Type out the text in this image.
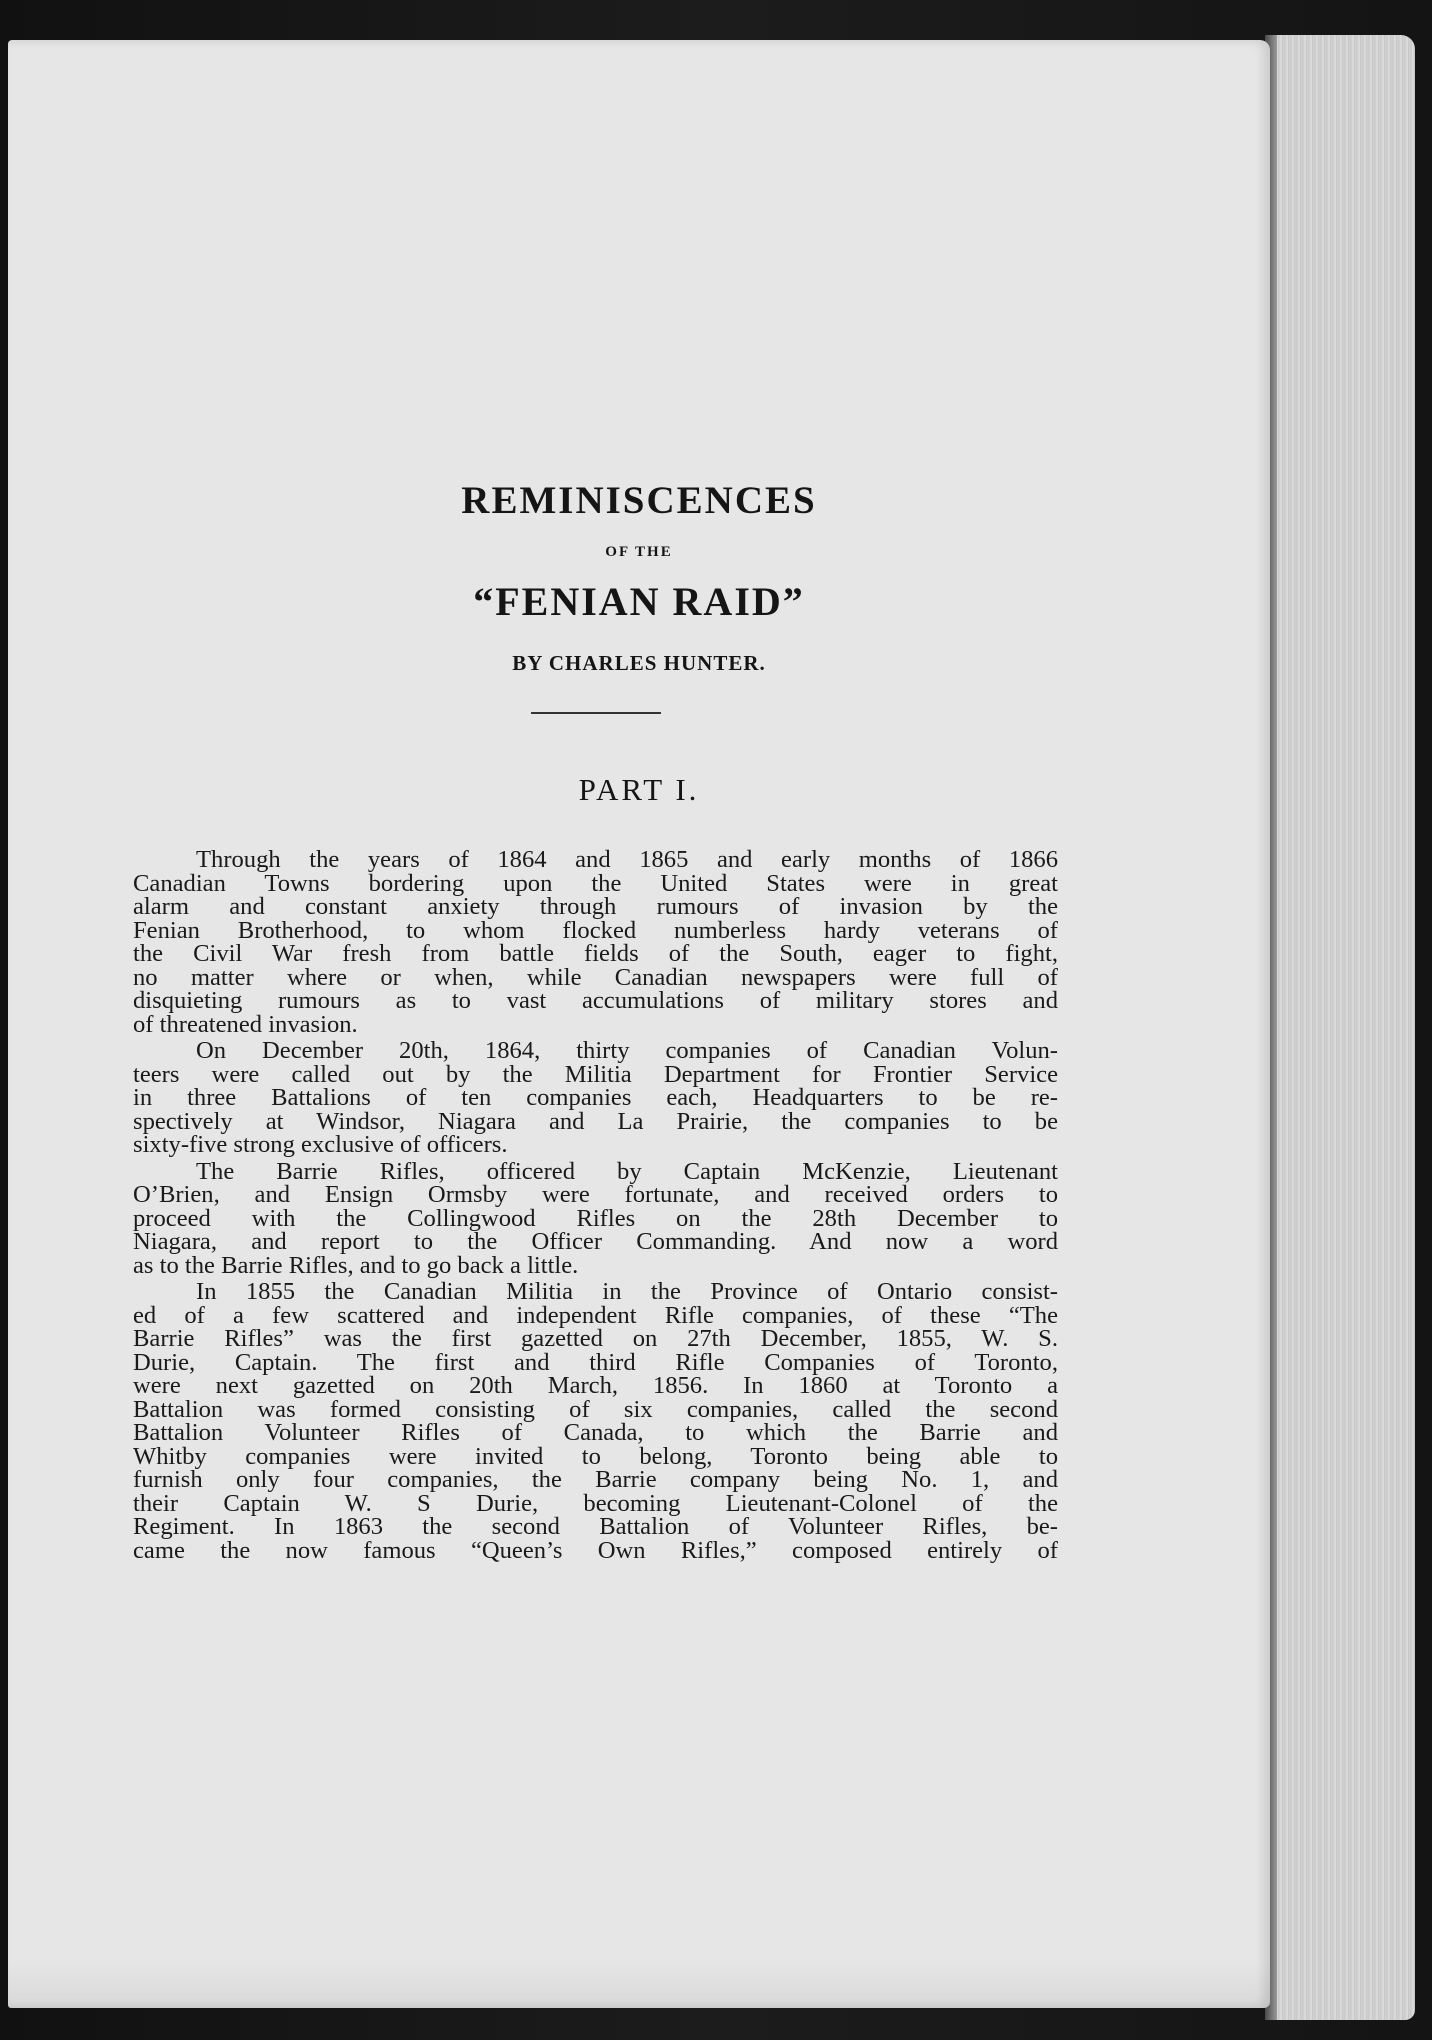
REMINISCENCES
OF THE
“FENIAN RAID”
BY CHARLES HUNTER.
PART I.
Through the years of 1864 and 1865 and early months of 1866
Canadian Towns bordering upon the United States were in great
alarm and constant anxiety through rumours of invasion by the
Fenian Brotherhood, to whom flocked numberless hardy veterans of
the Civil War fresh from battle fields of the South, eager to fight,
no matter where or when, while Canadian newspapers were full of
disquieting rumours as to vast accumulations of military stores and
of threatened invasion.
On December 20th, 1864, thirty companies of Canadian Volun-
teers were called out by the Militia Department for Frontier Service
in three Battalions of ten companies each, Headquarters to be re-
spectively at Windsor, Niagara and La Prairie, the companies to be
sixty-five strong exclusive of officers.
The Barrie Rifles, officered by Captain McKenzie, Lieutenant
O’Brien, and Ensign Ormsby were fortunate, and received orders to
proceed with the Collingwood Rifles on the 28th December to
Niagara, and report to the Officer Commanding. And now a word
as to the Barrie Rifles, and to go back a little.
In 1855 the Canadian Militia in the Province of Ontario consist-
ed of a few scattered and independent Rifle companies, of these “The
Barrie Rifles” was the first gazetted on 27th December, 1855, W. S.
Durie, Captain. The first and third Rifle Companies of Toronto,
were next gazetted on 20th March, 1856. In 1860 at Toronto a
Battalion was formed consisting of six companies, called the second
Battalion Volunteer Rifles of Canada, to which the Barrie and
Whitby companies were invited to belong, Toronto being able to
furnish only four companies, the Barrie company being No. 1, and
their Captain W. S Durie, becoming Lieutenant-Colonel of the
Regiment. In 1863 the second Battalion of Volunteer Rifles, be-
came the now famous “Queen’s Own Rifles,” composed entirely of
